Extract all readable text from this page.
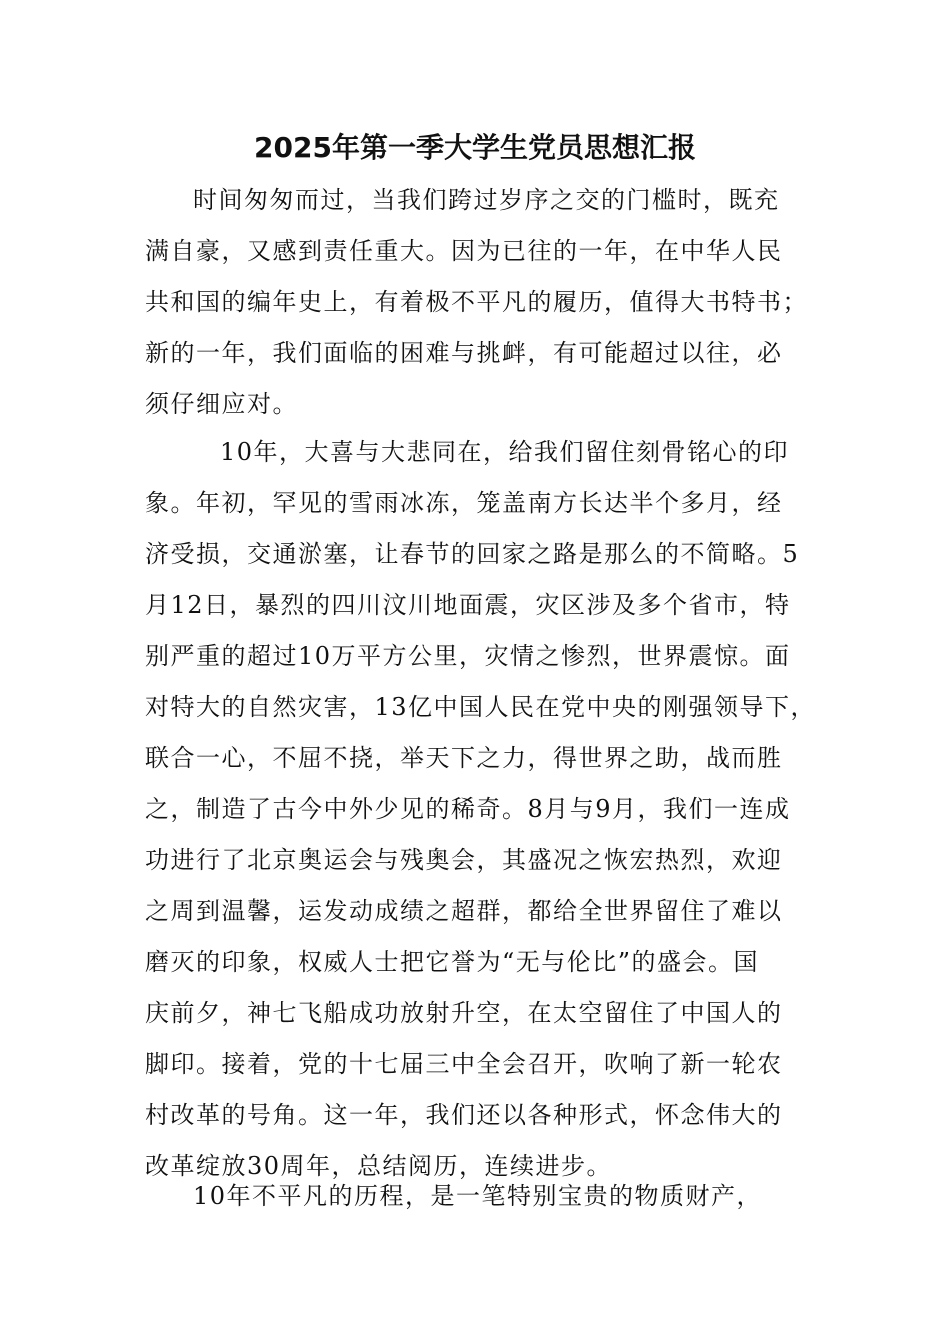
2025年第一季大学生党员思想汇报
时间匆匆而过，当我们跨过岁序之交的门槛时，既充
满自豪，又感到责任重大。因为已往的一年，在中华人民
共和国的编年史上，有着极不平凡的履历，值得大书特书；
新的一年，我们面临的困难与挑衅，有可能超过以往，必
须仔细应对。
10年，大喜与大悲同在，给我们留住刻骨铭心的印
象。年初，罕见的雪雨冰冻，笼盖南方长达半个多月，经
济受损，交通淤塞，让春节的回家之路是那么的不简略。5
月12日，暴烈的四川汶川地面震，灾区涉及多个省市，特
别严重的超过10万平方公里，灾情之惨烈，世界震惊。面
对特大的自然灾害，13亿中国人民在党中央的刚强领导下，
联合一心，不屈不挠，举天下之力，得世界之助，战而胜
之，制造了古今中外少见的稀奇。8月与9月，我们一连成
功进行了北京奥运会与残奥会，其盛况之恢宏热烈，欢迎
之周到温馨，运发动成绩之超群，都给全世界留住了难以
磨灭的印象，权威人士把它誉为“无与伦比”的盛会。国
庆前夕，神七飞船成功放射升空，在太空留住了中国人的
脚印。接着，党的十七届三中全会召开，吹响了新一轮农
村改革的号角。这一年，我们还以各种形式，怀念伟大的
改革绽放30周年，总结阅历，连续进步。
10年不平凡的历程，是一笔特别宝贵的物质财产，
